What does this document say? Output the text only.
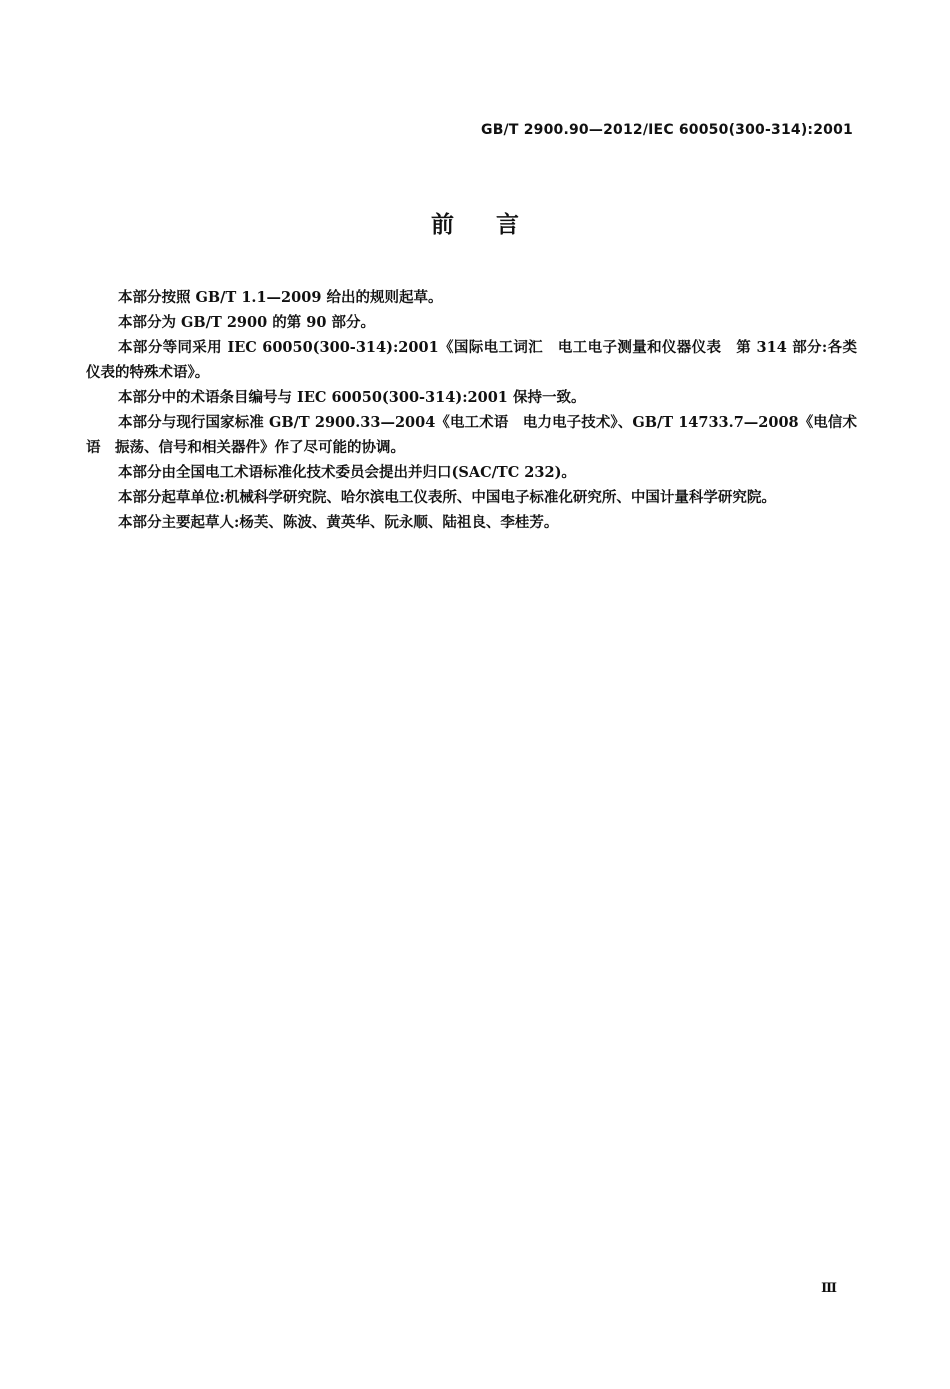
GB/T 2900.90—2012/IEC 60050(300-314):2001
前言

本部分按照 GB/T 1.1—2009 给出的规则起草。

本部分为 GB/T 2900 的第 90 部分。

本部分等同采用 IEC 60050(300-314):2001《国际电工词汇　电工电子测量和仪器仪表　第 314 部分:各类仪表的特殊术语》。

本部分中的术语条目编号与 IEC 60050(300-314):2001 保持一致。

本部分与现行国家标准 GB/T 2900.33—2004《电工术语　电力电子技术》、GB/T 14733.7—2008《电信术语　振荡、信号和相关器件》作了尽可能的协调。

本部分由全国电工术语标准化技术委员会提出并归口(SAC/TC 232)。

本部分起草单位:机械科学研究院、哈尔滨电工仪表所、中国电子标准化研究所、中国计量科学研究院。

本部分主要起草人:杨芙、陈波、黄英华、阮永顺、陆祖良、李桂芳。

Ⅲ
